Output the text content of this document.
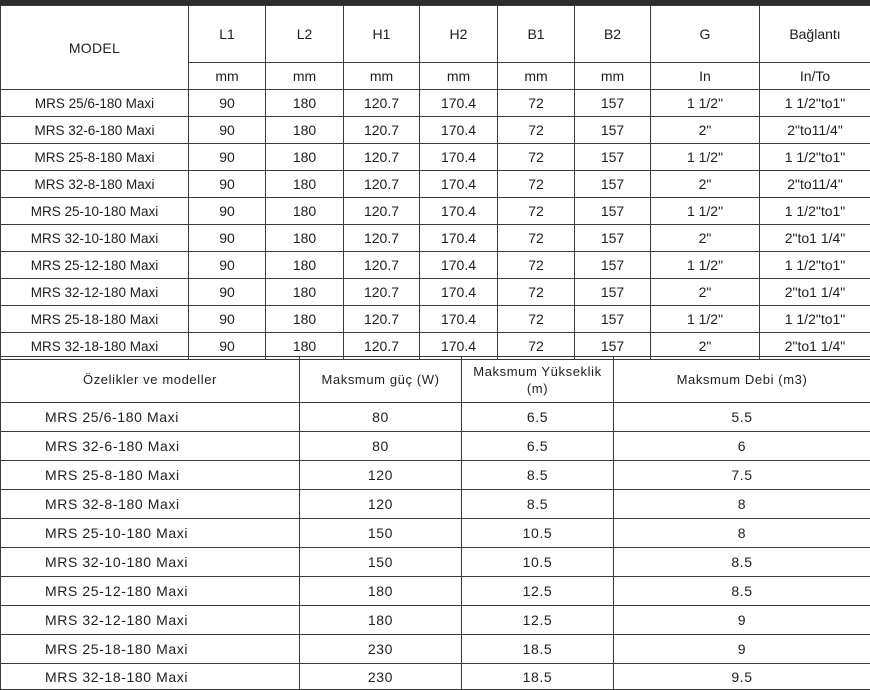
MODEL	L1	L2	H1	H2	B1	B2	G	Bağlantı
	mm	mm	mm	mm	mm	mm	In	In/To
MRS 25/6-180 Maxi	90	180	120.7	170.4	72	157	1 1/2"	1 1/2"to1"
MRS 32-6-180 Maxi	90	180	120.7	170.4	72	157	2"	2"to11/4"
MRS 25-8-180 Maxi	90	180	120.7	170.4	72	157	1 1/2"	1 1/2"to1"
MRS 32-8-180 Maxi	90	180	120.7	170.4	72	157	2"	2"to11/4"
MRS 25-10-180 Maxi	90	180	120.7	170.4	72	157	1 1/2"	1 1/2"to1"
MRS 32-10-180 Maxi	90	180	120.7	170.4	72	157	2"	2"to1 1/4"
MRS 25-12-180 Maxi	90	180	120.7	170.4	72	157	1 1/2"	1 1/2"to1"
MRS 32-12-180 Maxi	90	180	120.7	170.4	72	157	2"	2"to1 1/4"
MRS 25-18-180 Maxi	90	180	120.7	170.4	72	157	1 1/2"	1 1/2"to1"
MRS 32-18-180 Maxi	90	180	120.7	170.4	72	157	2"	2"to1 1/4"
Özelikler ve modeller	Maksmum güç (W)	Maksmum Yükseklik (m)	Maksmum Debi (m3)
MRS 25/6-180 Maxi	80	6.5	5.5
MRS 32-6-180 Maxi	80	6.5	6
MRS 25-8-180 Maxi	120	8.5	7.5
MRS 32-8-180 Maxi	120	8.5	8
MRS 25-10-180 Maxi	150	10.5	8
MRS 32-10-180 Maxi	150	10.5	8.5
MRS 25-12-180 Maxi	180	12.5	8.5
MRS 32-12-180 Maxi	180	12.5	9
MRS 25-18-180 Maxi	230	18.5	9
MRS 32-18-180 Maxi	230	18.5	9.5
